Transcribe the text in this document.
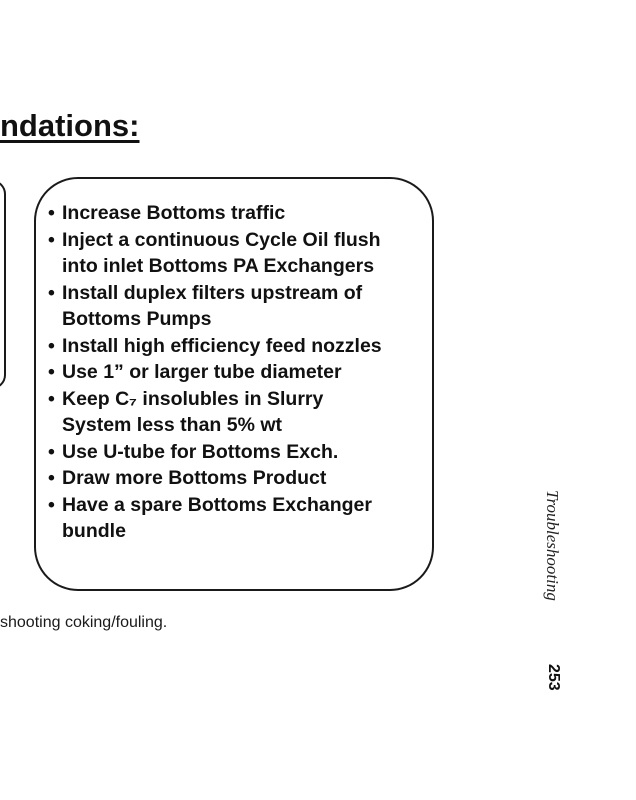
ndations:
• Increase Bottoms traffic
• Inject a continuous Cycle Oil flush
into inlet Bottoms PA Exchangers
• Install duplex filters upstream of
Bottoms Pumps
• Install high efficiency feed nozzles
• Use 1” or larger tube diameter
• Keep C₇ insolubles in Slurry
System less than 5% wt
• Use U-tube for Bottoms Exch.
• Draw more Bottoms Product
• Have a spare Bottoms Exchanger
bundle
shooting coking/fouling.
Troubleshooting
253
